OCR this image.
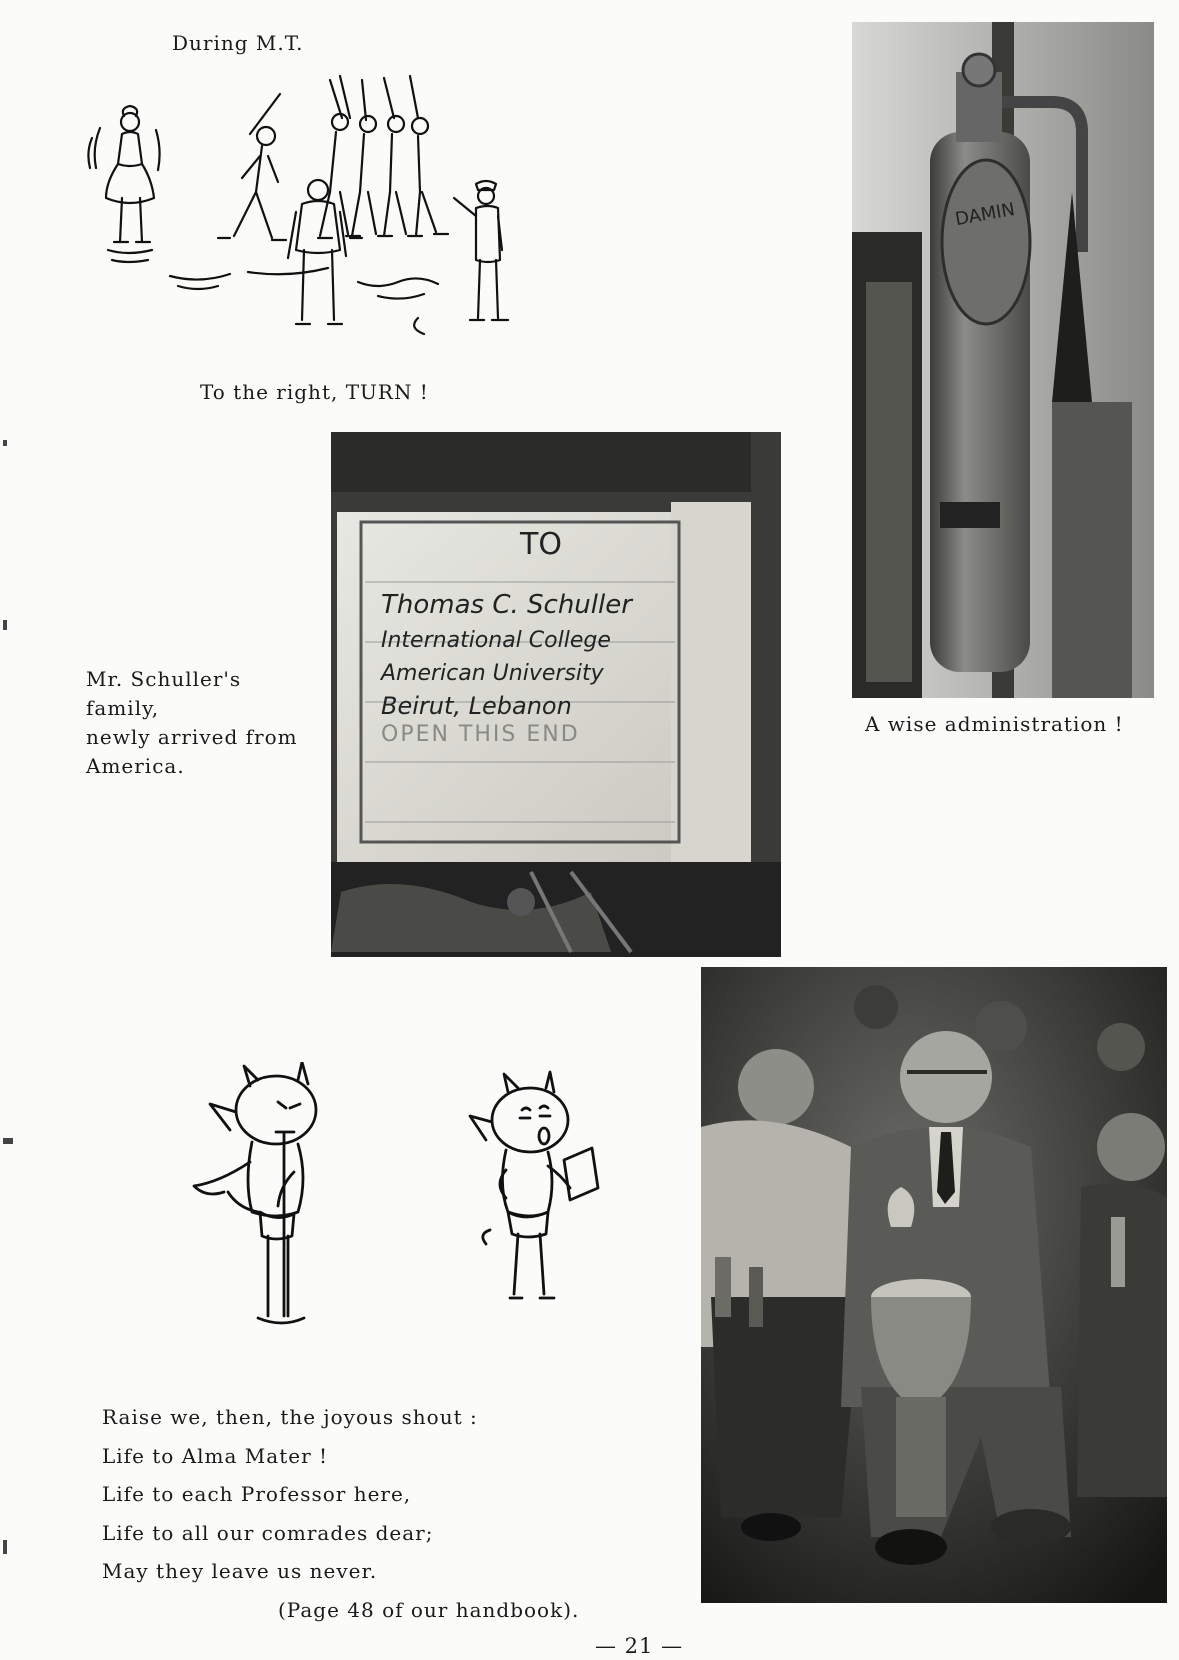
During M.T.
To the right, TURN !
TO
Thomas C. Schuller
International College
American University
Beirut, Lebanon
OPEN THIS END
Mr. Schuller's family,
newly arrived from
America.
DAMIN
A wise administration !
Raise we, then, the joyous shout :
Life to Alma Mater !
Life to each Professor here,
Life to all our comrades dear;
May they leave us never.
(Page 48 of our handbook).
— 21 —
